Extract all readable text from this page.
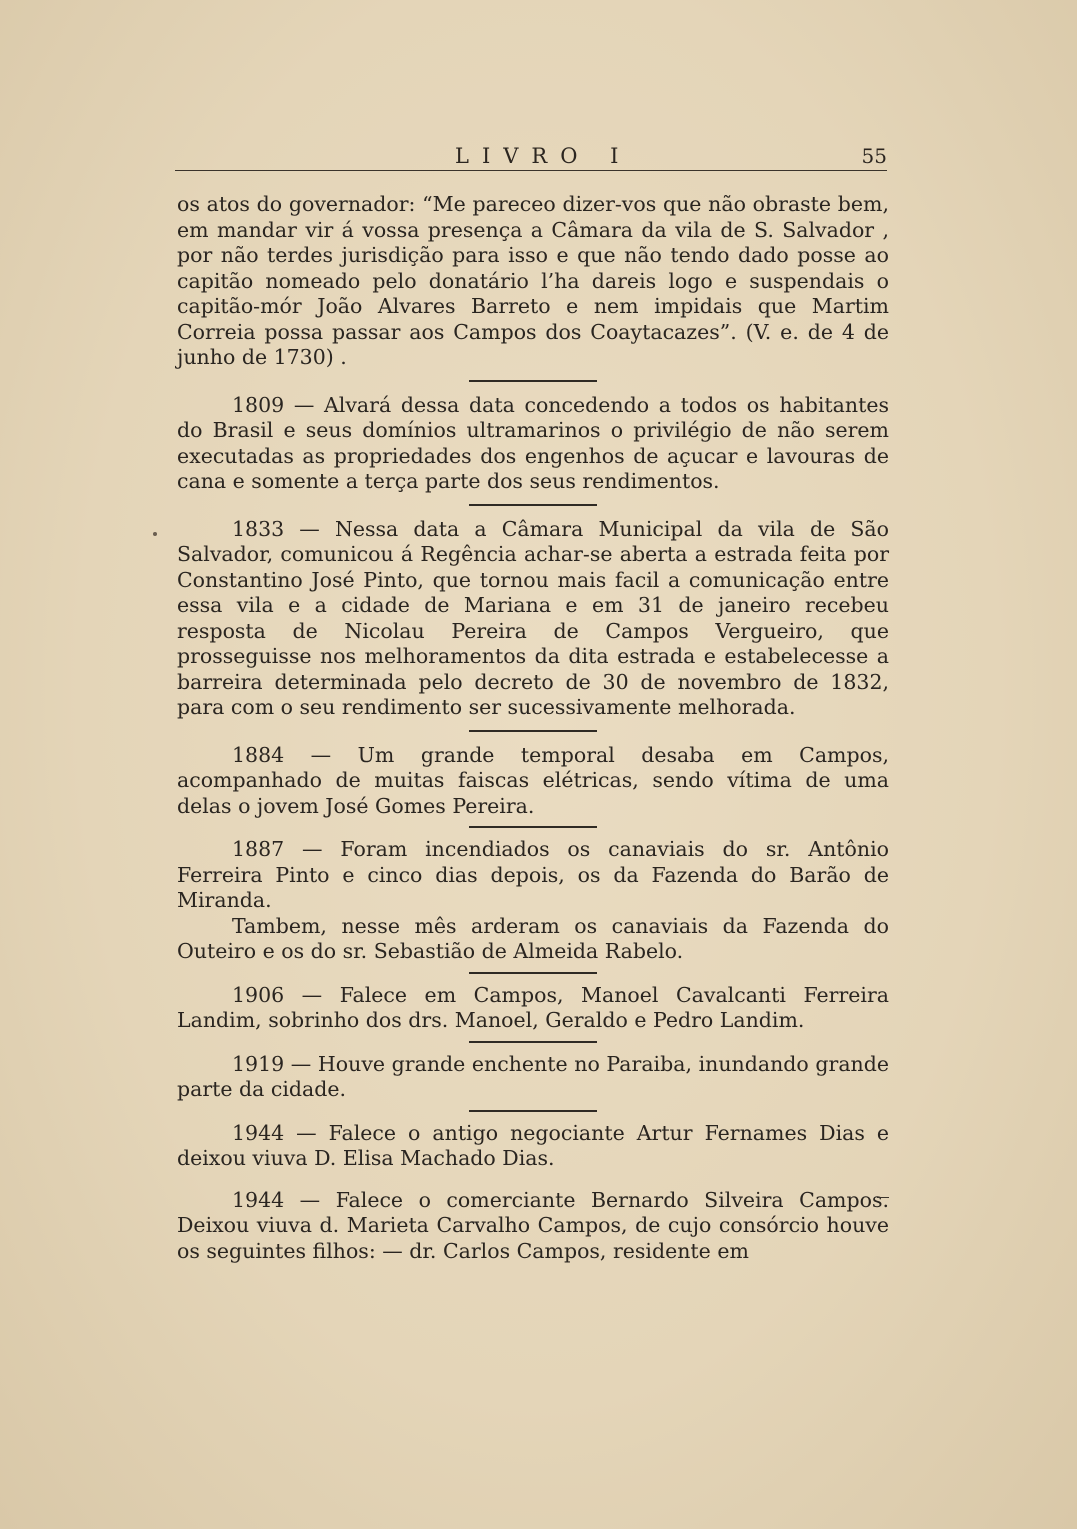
LIVRO I	55

os atos do governador: “Me pareceo dizer-vos que não obraste bem, em mandar vir á vossa presença a Câmara da vila de S. Salvador , por não terdes jurisdição para isso e que não tendo dado posse ao capitão nomeado pelo donatário l’ha dareis logo e suspendais o capitão-mór João Alvares Barreto e nem impidais que Martim Correia possa passar aos Campos dos Coaytacazes”. (V. e. de 4 de junho de 1730) .

1809 — Alvará dessa data concedendo a todos os habitantes do Brasil e seus domínios ultramarinos o privilégio de não serem executadas as propriedades dos engenhos de açucar e lavouras de cana e somente a terça parte dos seus rendimentos.

1833 — Nessa data a Câmara Municipal da vila de São Salvador, comunicou á Regência achar-se aberta a estrada feita por Constantino José Pinto, que tornou mais facil a comunicação entre essa vila e a cidade de Mariana e em 31 de janeiro recebeu resposta de Nicolau Pereira de Campos Vergueiro, que prosseguisse nos melhoramentos da dita estrada e estabelecesse a barreira determinada pelo decreto de 30 de novembro de 1832, para com o seu rendimento ser sucessivamente melhorada.

1884 — Um grande temporal desaba em Campos, acompanhado de muitas faiscas elétricas, sendo vítima de uma delas o jovem José Gomes Pereira.

1887 — Foram incendiados os canaviais do sr. Antônio Ferreira Pinto e cinco dias depois, os da Fazenda do Barão de Miranda.

Tambem, nesse mês arderam os canaviais da Fazenda do Outeiro e os do sr. Sebastião de Almeida Rabelo.

1906 — Falece em Campos, Manoel Cavalcanti Ferreira Landim, sobrinho dos drs. Manoel, Geraldo e Pedro Landim.

1919 — Houve grande enchente no Paraiba, inundando grande parte da cidade.

1944 — Falece o antigo negociante Artur Fernames Dias e deixou viuva D. Elisa Machado Dias.

1944 — Falece o comerciante Bernardo Silveira Campos. Deixou viuva d. Marieta Carvalho Campos, de cujo consórcio houve os seguintes filhos: — dr. Carlos Campos, residente em
